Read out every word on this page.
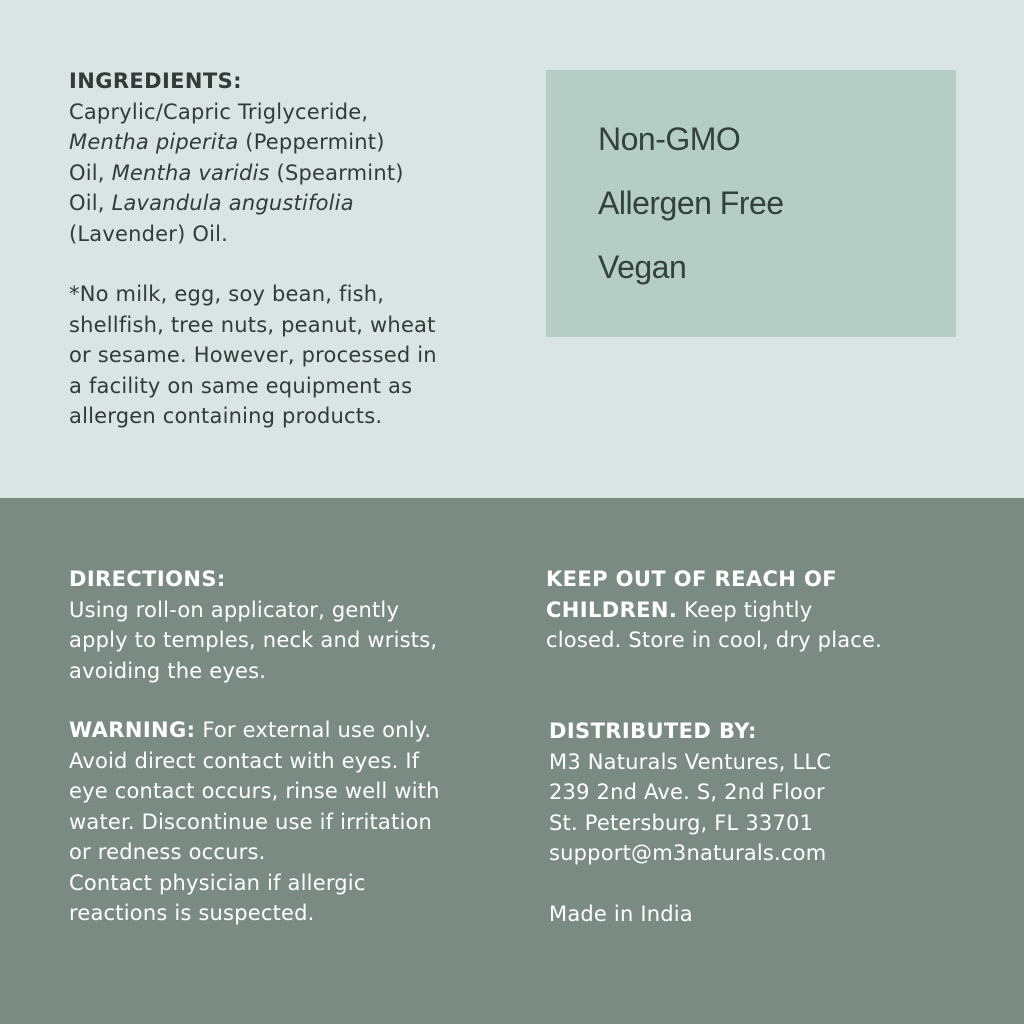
INGREDIENTS:

Caprylic/Capric Triglyceride,

Mentha piperita (Peppermint)

Oil, Mentha varidis (Spearmint)

Oil, Lavandula angustifolia

(Lavender) Oil.

*No milk, egg, soy bean, fish,

shellfish, tree nuts, peanut, wheat

or sesame. However, processed in

a facility on same equipment as

allergen containing products.

Non-GMO
Allergen Free
Vegan

DIRECTIONS:

Using roll-on applicator, gently

apply to temples, neck and wrists,

avoiding the eyes.

WARNING: For external use only.

Avoid direct contact with eyes. If

eye contact occurs, rinse well with

water. Discontinue use if irritation

or redness occurs.

Contact physician if allergic

reactions is suspected.

KEEP OUT OF REACH OF

CHILDREN. Keep tightly

closed. Store in cool, dry place.

DISTRIBUTED BY:

M3 Naturals Ventures, LLC

239 2nd Ave. S, 2nd Floor

St. Petersburg, FL 33701

support@m3naturals.com

Made in India
